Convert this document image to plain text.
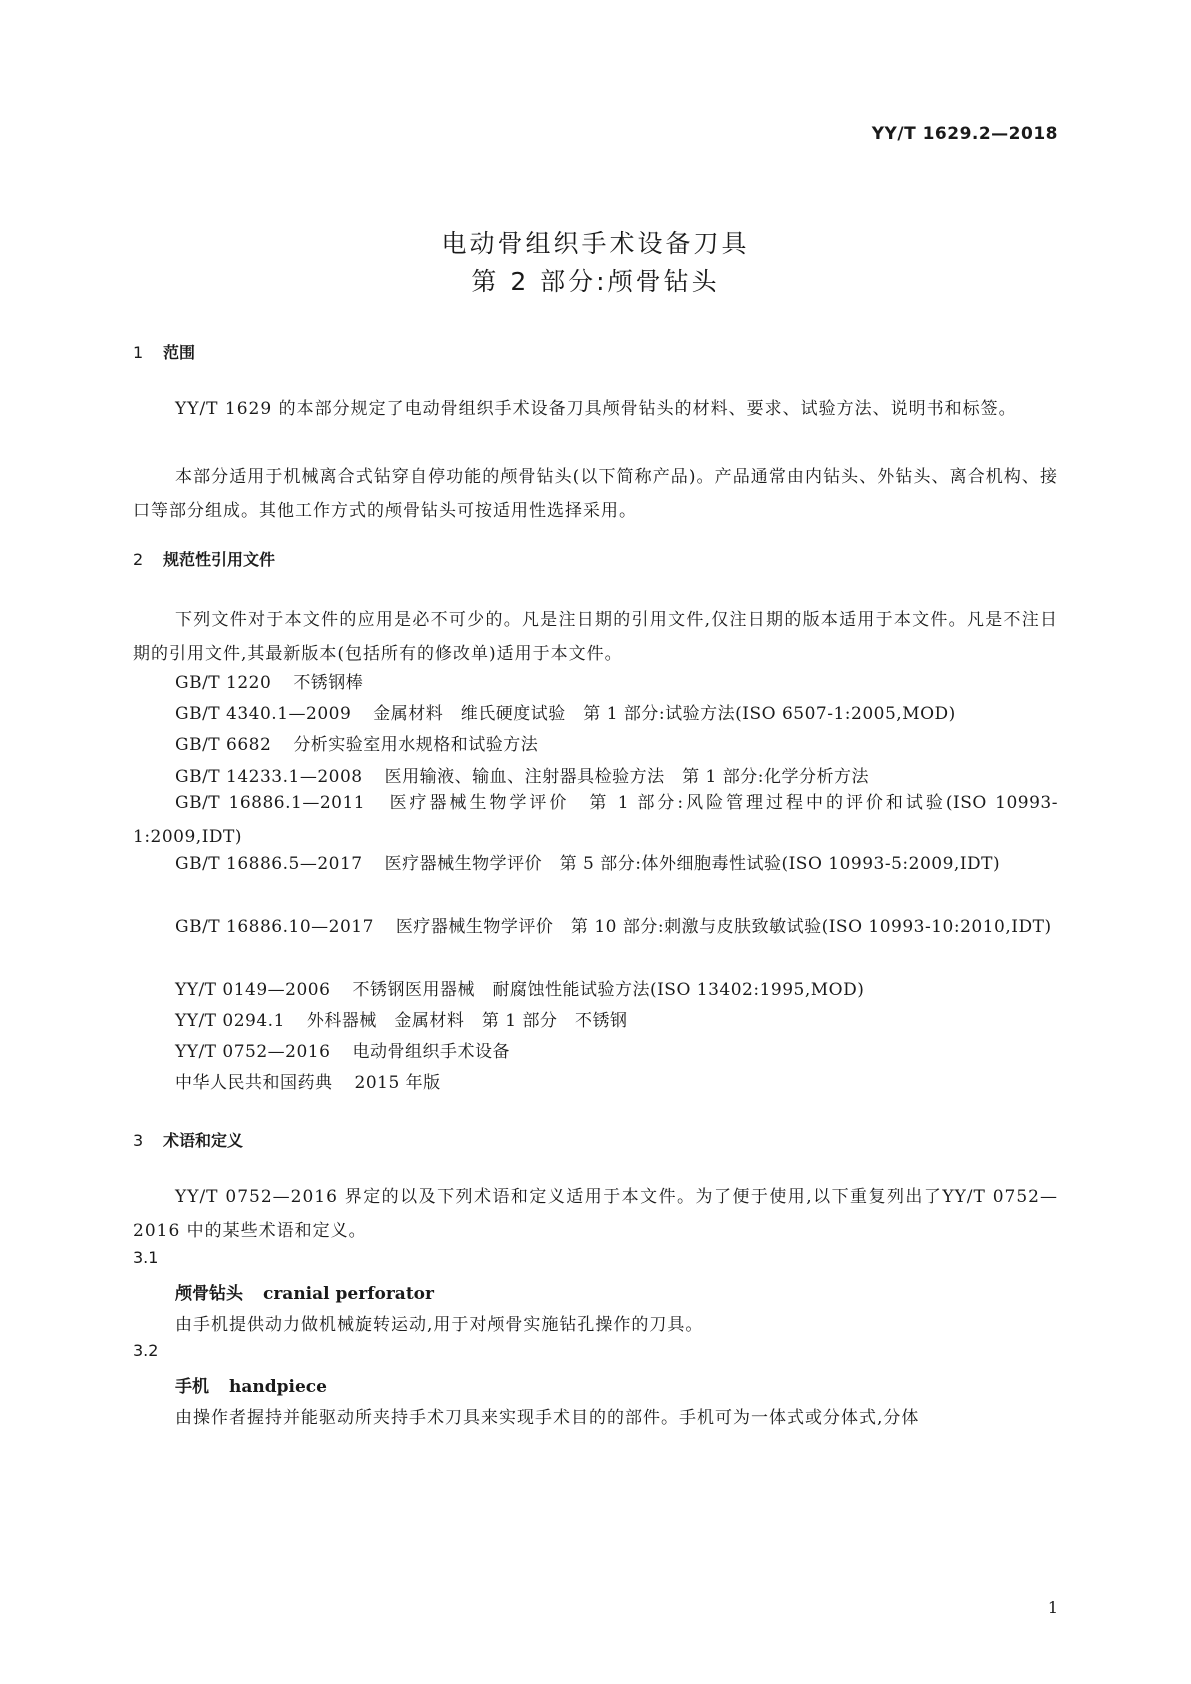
YY/T 1629.2—2018
电动骨组织手术设备刀具
第 2 部分:颅骨钻头
1 范围
YY/T 1629 的本部分规定了电动骨组织手术设备刀具颅骨钻头的材料、要求、试验方法、说明书和标签。
本部分适用于机械离合式钻穿自停功能的颅骨钻头(以下简称产品)。产品通常由内钻头、外钻头、离合机构、接口等部分组成。其他工作方式的颅骨钻头可按适用性选择采用。
2 规范性引用文件
下列文件对于本文件的应用是必不可少的。凡是注日期的引用文件,仅注日期的版本适用于本文件。凡是不注日期的引用文件,其最新版本(包括所有的修改单)适用于本文件。
GB/T 1220 不锈钢棒
GB/T 4340.1—2009 金属材料　维氏硬度试验　第 1 部分:试验方法(ISO 6507-1:2005,MOD)
GB/T 6682 分析实验室用水规格和试验方法
GB/T 14233.1—2008 医用输液、输血、注射器具检验方法　第 1 部分:化学分析方法
GB/T 16886.1—2011 医疗器械生物学评价　第 1 部分:风险管理过程中的评价和试验(ISO 10993-1:2009,IDT)
GB/T 16886.5—2017 医疗器械生物学评价　第 5 部分:体外细胞毒性试验(ISO 10993-5:2009,IDT)
GB/T 16886.10—2017 医疗器械生物学评价　第 10 部分:刺激与皮肤致敏试验(ISO 10993-10:2010,IDT)
YY/T 0149—2006 不锈钢医用器械　耐腐蚀性能试验方法(ISO 13402:1995,MOD)
YY/T 0294.1 外科器械　金属材料　第 1 部分　不锈钢
YY/T 0752—2016 电动骨组织手术设备
中华人民共和国药典 2015 年版
3 术语和定义
YY/T 0752—2016 界定的以及下列术语和定义适用于本文件。为了便于使用,以下重复列出了YY/T 0752—2016 中的某些术语和定义。
3.1
颅骨钻头 cranial perforator
由手机提供动力做机械旋转运动,用于对颅骨实施钻孔操作的刀具。
3.2
手机 handpiece
由操作者握持并能驱动所夹持手术刀具来实现手术目的的部件。手机可为一体式或分体式,分体
1
